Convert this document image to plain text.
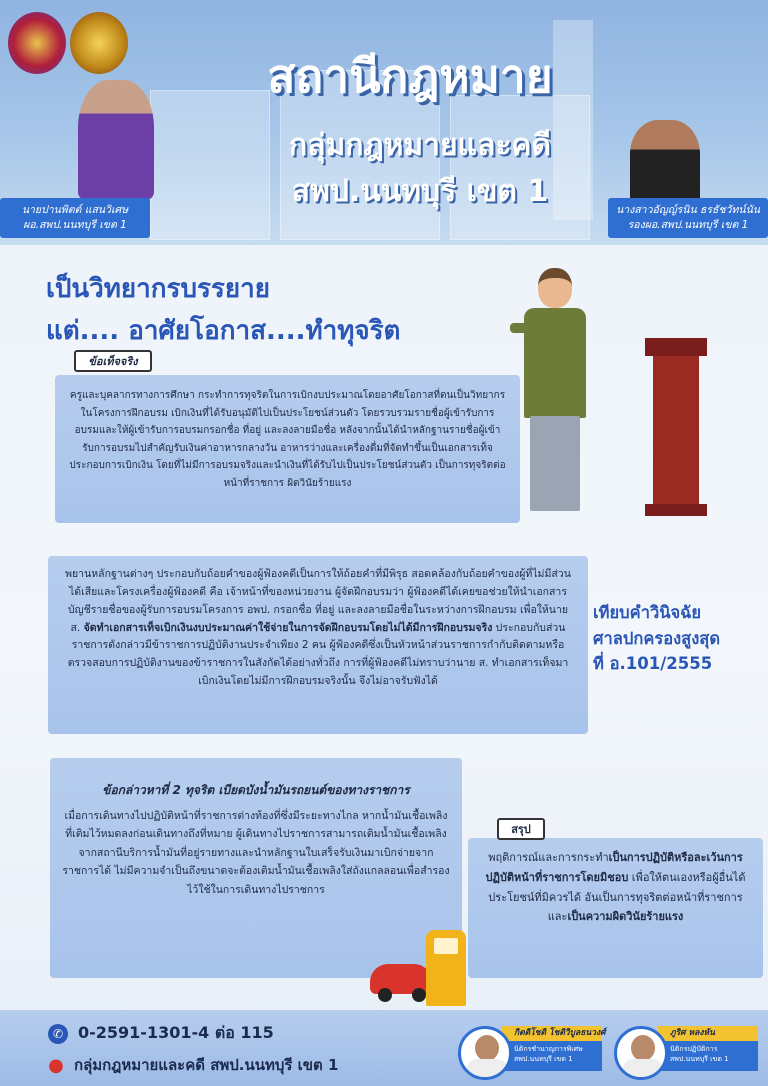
สถานีกฎหมาย
กลุ่มกฎหมายและคดี
สพป.นนทบุรี เขต 1
นายปานพิตต์ แสนวิเศษ
ผอ.สพป.นนทบุรี เขต 1
นางสาวอัญญ์รนิน ธรธัชวัทน์นัน
รองผอ.สพป.นนทบุรี เขต 1
เป็นวิทยากรบรรยาย
แต่.... อาศัยโอกาส....ทำทุจริต

ครูและบุคลากรทางการศึกษา กระทำการทุจริตในการเบิกงบประมาณโดยอาศัยโอกาสที่ตนเป็นวิทยากรในโครงการฝึกอบรม เบิกเงินที่ได้รับอนุมัติไปเป็นประโยชน์ส่วนตัว โดยรวบรวมรายชื่อผู้เข้ารับการอบรมและให้ผู้เข้ารับการอบรมกรอกชื่อ ที่อยู่ และลงลายมือชื่อ หลังจากนั้นได้นำหลักฐานรายชื่อผู้เข้ารับการอบรมไปสำคัญรับเงินค่าอาหารกลางวัน อาหารว่างและเครื่องดื่มที่จัดทำขึ้นเป็นเอกสารเท็จประกอบการเบิกเงิน โดยที่ไม่มีการอบรมจริงและนำเงินที่ได้รับไปเป็นประโยชน์ส่วนตัว เป็นการทุจริตต่อหน้าที่ราชการ ผิดวินัยร้ายแรง

ข้อเท็จจริง

พยานหลักฐานต่างๆ ประกอบกับถ้อยคำของผู้ฟ้องคดีเป็นการให้ถ้อยคำที่มีพิรุธ สอดคล้องกับถ้อยคำของผู้ที่ไม่มีส่วนได้เสียและโครงเครื่องผู้ฟ้องคดี คือ เจ้าหน้าที่ของหน่วยงาน ผู้จัดฝึกอบรมว่า ผู้ฟ้องคดีได้เคยขอช่วยให้นำเอกสารบัญชีรายชื่อของผู้รับการอบรมโครงการ อพป. กรอกชื่อ ที่อยู่ และลงลายมือชื่อในระหว่างการฝึกอบรม เพื่อให้นาย ส. จัดทำเอกสารเท็จเบิกเงินงบประมาณค่าใช้จ่ายในการจัดฝึกอบรมโดยไม่ได้มีการฝึกอบรมจริง ประกอบกับส่วนราชการดังกล่าวมีข้าราชการปฏิบัติงานประจำเพียง 2 คน ผู้ฟ้องคดีซึ่งเป็นหัวหน้าส่วนราชการกำกับติดตามหรือตรวจสอบการปฏิบัติงานของข้าราชการในสังกัดได้อย่างทั่วถึง การที่ผู้ฟ้องคดีไม่ทราบว่านาย ส. ทำเอกสารเท็จมาเบิกเงินโดยไม่มีการฝึกอบรมจริงนั้น จึงไม่อาจรับฟังได้

เทียบคำวินิจฉัย
ศาลปกครองสูงสุด
ที่ อ.101/2555
ข้อกล่าวหาที่ 2 ทุจริต เบียดบังน้ำมันรถยนต์ของทางราชการ

เมื่อการเดินทางไปปฏิบัติหน้าที่ราชการต่างท้องที่ซึ่งมีระยะทางไกล หากน้ำมันเชื้อเพลิงที่เติมไว้หมดลงก่อนเดินทางถึงที่หมาย ผู้เดินทางไปราชการสามารถเติมน้ำมันเชื้อเพลิงจากสถานีบริการน้ำมันที่อยู่รายทางและนำหลักฐานใบเสร็จรับเงินมาเบิกจ่ายจากราชการได้ ไม่มีความจำเป็นถึงขนาดจะต้องเติมน้ำมันเชื้อเพลิงใส่ถังแกลลอนเพื่อสำรองไว้ใช้ในการเดินทางไปราชการ

พฤติการณ์และการกระทำเป็นการปฏิบัติหรือละเว้นการปฏิบัติหน้าที่ราชการโดยมิชอบ เพื่อให้ตนเองหรือผู้อื่นได้ประโยชน์ที่มิควรได้ อันเป็นการทุจริตต่อหน้าที่ราชการ และเป็นความผิดวินัยร้ายแรง

สรุป
✆ 0-2591-1301-4 ต่อ 115
● กลุ่มกฎหมายและคดี สพป.นนทบุรี เขต 1
กิตติโชติ โชติวิบูลธนวงศ์
นิติกรชำนาญการพิเศษ
สพป.นนทบุรี เขต 1
ภูริศ หลงหัน
นิติกรปฏิบัติการ
สพป.นนทบุรี เขต 1
